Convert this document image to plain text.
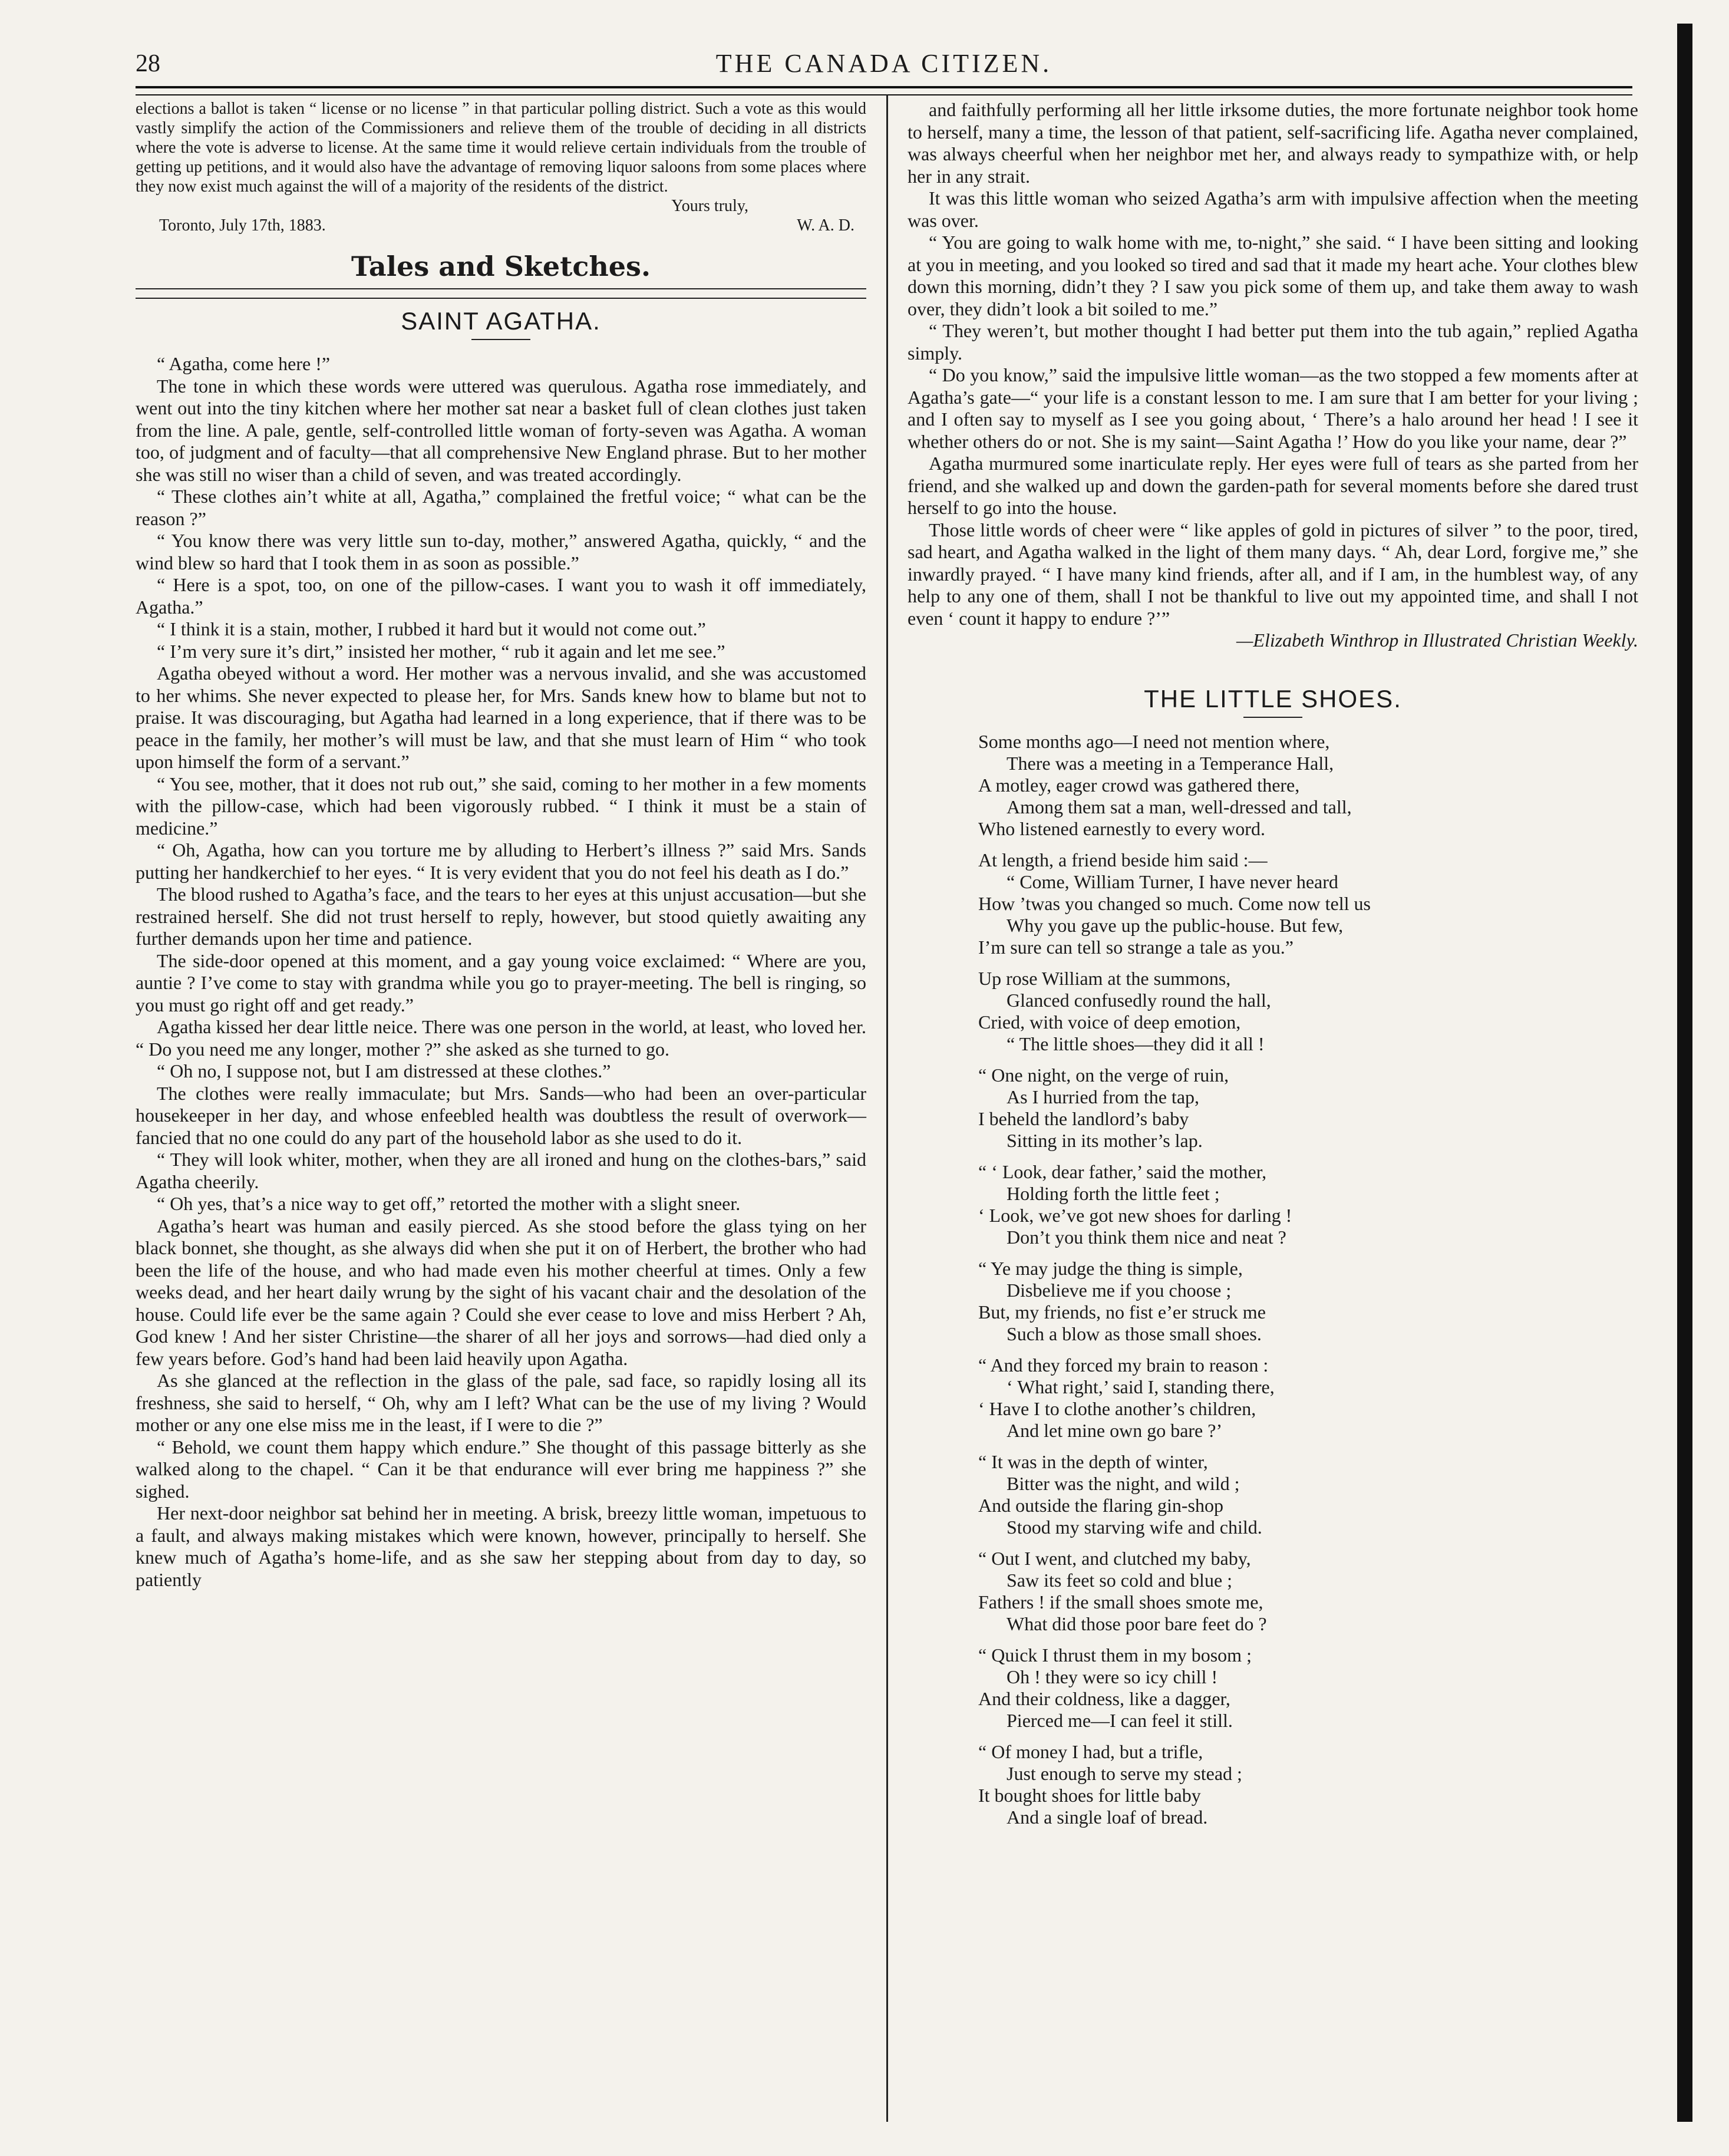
28	THE CANADA CITIZEN.

elections a ballot is taken “ license or no license ” in that particular polling district. Such a vote as this would vastly simplify the action of the Commissioners and relieve them of the trouble of deciding in all districts where the vote is adverse to license. At the same time it would relieve certain individuals from the trouble of getting up petitions, and it would also have the advantage of removing liquor saloons from some places where they now exist much against the will of a majority of the residents of the district.

Yours truly,
Toronto, July 17th, 1883.	W. A. D.
Tales and Sketches.
SAINT AGATHA.

“ Agatha, come here !”

The tone in which these words were uttered was querulous. Agatha rose immediately, and went out into the tiny kitchen where her mother sat near a basket full of clean clothes just taken from the line. A pale, gentle, self-controlled little woman of forty-seven was Agatha. A woman too, of judgment and of faculty—that all comprehensive New England phrase. But to her mother she was still no wiser than a child of seven, and was treated accordingly.

“ These clothes ain’t white at all, Agatha,” complained the fretful voice; “ what can be the reason ?”

“ You know there was very little sun to-day, mother,” answered Agatha, quickly, “ and the wind blew so hard that I took them in as soon as possible.”

“ Here is a spot, too, on one of the pillow-cases. I want you to wash it off immediately, Agatha.”

“ I think it is a stain, mother, I rubbed it hard but it would not come out.”

“ I’m very sure it’s dirt,” insisted her mother, “ rub it again and let me see.”

Agatha obeyed without a word. Her mother was a nervous invalid, and she was accustomed to her whims. She never expected to please her, for Mrs. Sands knew how to blame but not to praise. It was discouraging, but Agatha had learned in a long experience, that if there was to be peace in the family, her mother’s will must be law, and that she must learn of Him “ who took upon himself the form of a servant.”

“ You see, mother, that it does not rub out,” she said, coming to her mother in a few moments with the pillow-case, which had been vigorously rubbed. “ I think it must be a stain of medicine.”

“ Oh, Agatha, how can you torture me by alluding to Herbert’s illness ?” said Mrs. Sands putting her handkerchief to her eyes. “ It is very evident that you do not feel his death as I do.”

The blood rushed to Agatha’s face, and the tears to her eyes at this unjust accusation—but she restrained herself. She did not trust herself to reply, however, but stood quietly awaiting any further demands upon her time and patience.

The side-door opened at this moment, and a gay young voice exclaimed: “ Where are you, auntie ? I’ve come to stay with grandma while you go to prayer-meeting. The bell is ringing, so you must go right off and get ready.”

Agatha kissed her dear little neice. There was one person in the world, at least, who loved her. “ Do you need me any longer, mother ?” she asked as she turned to go.

“ Oh no, I suppose not, but I am distressed at these clothes.”

The clothes were really immaculate; but Mrs. Sands—who had been an over-particular housekeeper in her day, and whose enfeebled health was doubtless the result of overwork—fancied that no one could do any part of the household labor as she used to do it.

“ They will look whiter, mother, when they are all ironed and hung on the clothes-bars,” said Agatha cheerily.

“ Oh yes, that’s a nice way to get off,” retorted the mother with a slight sneer.

Agatha’s heart was human and easily pierced. As she stood before the glass tying on her black bonnet, she thought, as she always did when she put it on of Herbert, the brother who had been the life of the house, and who had made even his mother cheerful at times. Only a few weeks dead, and her heart daily wrung by the sight of his vacant chair and the desolation of the house. Could life ever be the same again ? Could she ever cease to love and miss Herbert ? Ah, God knew ! And her sister Christine—the sharer of all her joys and sorrows—had died only a few years before. God’s hand had been laid heavily upon Agatha.

As she glanced at the reflection in the glass of the pale, sad face, so rapidly losing all its freshness, she said to herself, “ Oh, why am I left? What can be the use of my living ? Would mother or any one else miss me in the least, if I were to die ?”

“ Behold, we count them happy which endure.” She thought of this passage bitterly as she walked along to the chapel. “ Can it be that endurance will ever bring me happiness ?” she sighed.

Her next-door neighbor sat behind her in meeting. A brisk, breezy little woman, impetuous to a fault, and always making mistakes which were known, however, principally to herself. She knew much of Agatha’s home-life, and as she saw her stepping about from day to day, so patiently

and faithfully performing all her little irksome duties, the more fortunate neighbor took home to herself, many a time, the lesson of that patient, self-sacrificing life. Agatha never complained, was always cheerful when her neighbor met her, and always ready to sympathize with, or help her in any strait.

It was this little woman who seized Agatha’s arm with impulsive affection when the meeting was over.

“ You are going to walk home with me, to-night,” she said. “ I have been sitting and looking at you in meeting, and you looked so tired and sad that it made my heart ache. Your clothes blew down this morning, didn’t they ? I saw you pick some of them up, and take them away to wash over, they didn’t look a bit soiled to me.”

“ They weren’t, but mother thought I had better put them into the tub again,” replied Agatha simply.

“ Do you know,” said the impulsive little woman—as the two stopped a few moments after at Agatha’s gate—“ your life is a constant lesson to me. I am sure that I am better for your living ; and I often say to myself as I see you going about, ‘ There’s a halo around her head ! I see it whether others do or not. She is my saint—Saint Agatha !’ How do you like your name, dear ?”

Agatha murmured some inarticulate reply. Her eyes were full of tears as she parted from her friend, and she walked up and down the garden-path for several moments before she dared trust herself to go into the house.

Those little words of cheer were “ like apples of gold in pictures of silver ” to the poor, tired, sad heart, and Agatha walked in the light of them many days. “ Ah, dear Lord, forgive me,” she inwardly prayed. “ I have many kind friends, after all, and if I am, in the humblest way, of any help to any one of them, shall I not be thankful to live out my appointed time, and shall I not even ‘ count it happy to endure ?’”

—Elizabeth Winthrop in Illustrated Christian Weekly.

THE LITTLE SHOES.
Some months ago—I need not mention where,
There was a meeting in a Temperance Hall,
A motley, eager crowd was gathered there,
Among them sat a man, well-dressed and tall,
Who listened earnestly to every word.
At length, a friend beside him said :—
“ Come, William Turner, I have never heard
How ’twas you changed so much. Come now tell us
Why you gave up the public-house. But few,
I’m sure can tell so strange a tale as you.”
Up rose William at the summons,
Glanced confusedly round the hall,
Cried, with voice of deep emotion,
“ The little shoes—they did it all !
“ One night, on the verge of ruin,
As I hurried from the tap,
I beheld the landlord’s baby
Sitting in its mother’s lap.
“ ‘ Look, dear father,’ said the mother,
Holding forth the little feet ;
‘ Look, we’ve got new shoes for darling !
Don’t you think them nice and neat ?
“ Ye may judge the thing is simple,
Disbelieve me if you choose ;
But, my friends, no fist e’er struck me
Such a blow as those small shoes.
“ And they forced my brain to reason :
‘ What right,’ said I, standing there,
‘ Have I to clothe another’s children,
And let mine own go bare ?’
“ It was in the depth of winter,
Bitter was the night, and wild ;
And outside the flaring gin-shop
Stood my starving wife and child.
“ Out I went, and clutched my baby,
Saw its feet so cold and blue ;
Fathers ! if the small shoes smote me,
What did those poor bare feet do ?
“ Quick I thrust them in my bosom ;
Oh ! they were so icy chill !
And their coldness, like a dagger,
Pierced me—I can feel it still.
“ Of money I had, but a trifle,
Just enough to serve my stead ;
It bought shoes for little baby
And a single loaf of bread.
